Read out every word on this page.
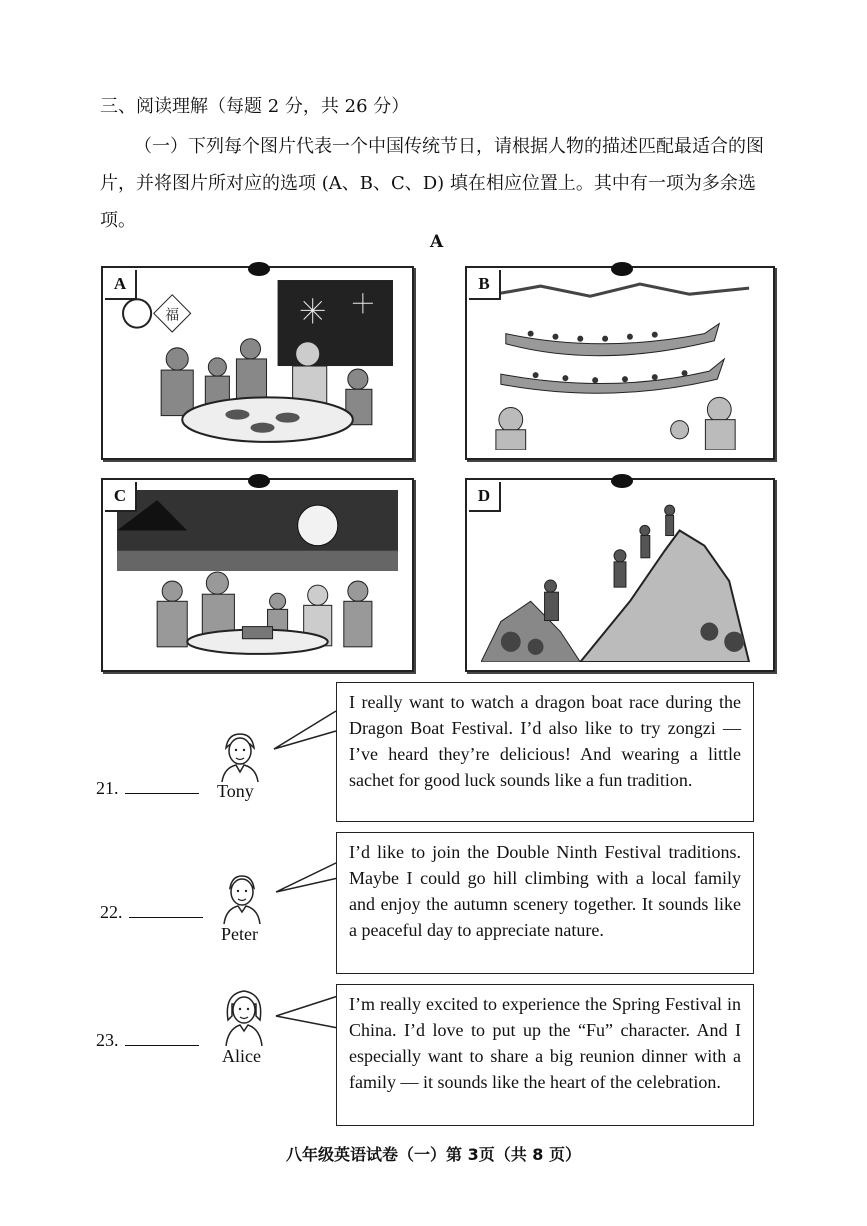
三、阅读理解（每题 2 分，共 26 分）
（一）下列每个图片代表一个中国传统节日，请根据人物的描述匹配最适合的图片，并将图片所对应的选项 (A、B、C、D) 填在相应位置上。其中有一项为多余选项。
A
福
A	B
C	D
21.	Tony
I really want to watch a dragon boat race during the Dragon Boat Festival. I’d also like to try zongzi — I’ve heard they’re delicious! And wearing a little sachet for good luck sounds like a fun tradition.
22.
Peter
I’d like to join the Double Ninth Festival traditions. Maybe I could go hill climbing with a local family and enjoy the autumn scenery together. It sounds like a peaceful day to appreciate nature.
23.
Alice
I’m really excited to experience the Spring Festival in China. I’d love to put up the “Fu” character. And I especially want to share a big reunion dinner with a family — it sounds like the heart of the celebration.
八年级英语试卷（一）第 3页（共 8 页）
